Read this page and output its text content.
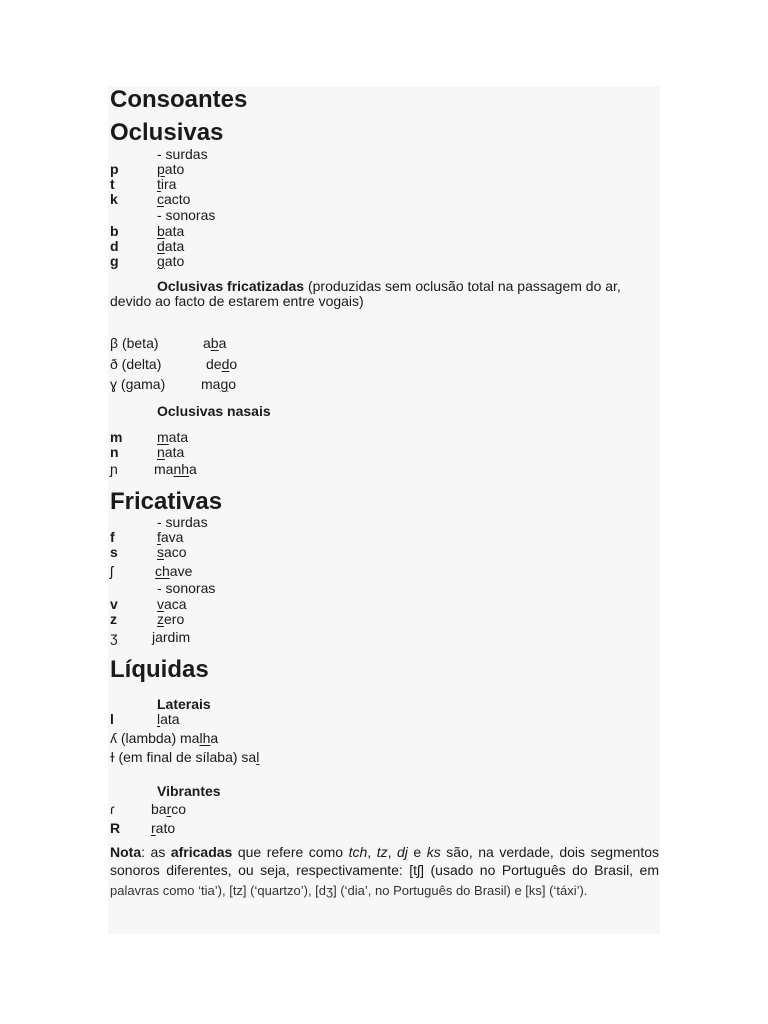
Consoantes
Oclusivas
- surdas
p	pato
t	tira
k	cacto
- sonoras
b	bata
d	data
g	gato
Oclusivas fricatizadas (produzidas sem oclusão total na passagem do ar,
devido ao facto de estarem entre vogais)
β (beta)	aba
ð (delta)	dedo
ɣ (gama)	mago
Oclusivas nasais
m mata
n	nata
ɲ	manha
Fricativas
- surdas
f	fava
s	saco
ʃ	chave
- sonoras
v	vaca
z	zero
ʒ jardim
Líquidas
Laterais
l	lata
ʎ (lambda) malha
ɫ (em final de sílaba) sal
Vibrantes
ɾ	barco
R rato
Nota: as africadas que refere como tch, tz, dj e ks são, na verdade, dois segmentos
sonoros diferentes, ou seja, respectivamente: [tʃ] (usado no Português do Brasil, em
palavras como ‘tia’), [tz] (‘quartzo’), [dʒ] (‘dia’, no Português do Brasil) e [ks] (‘táxi’).
